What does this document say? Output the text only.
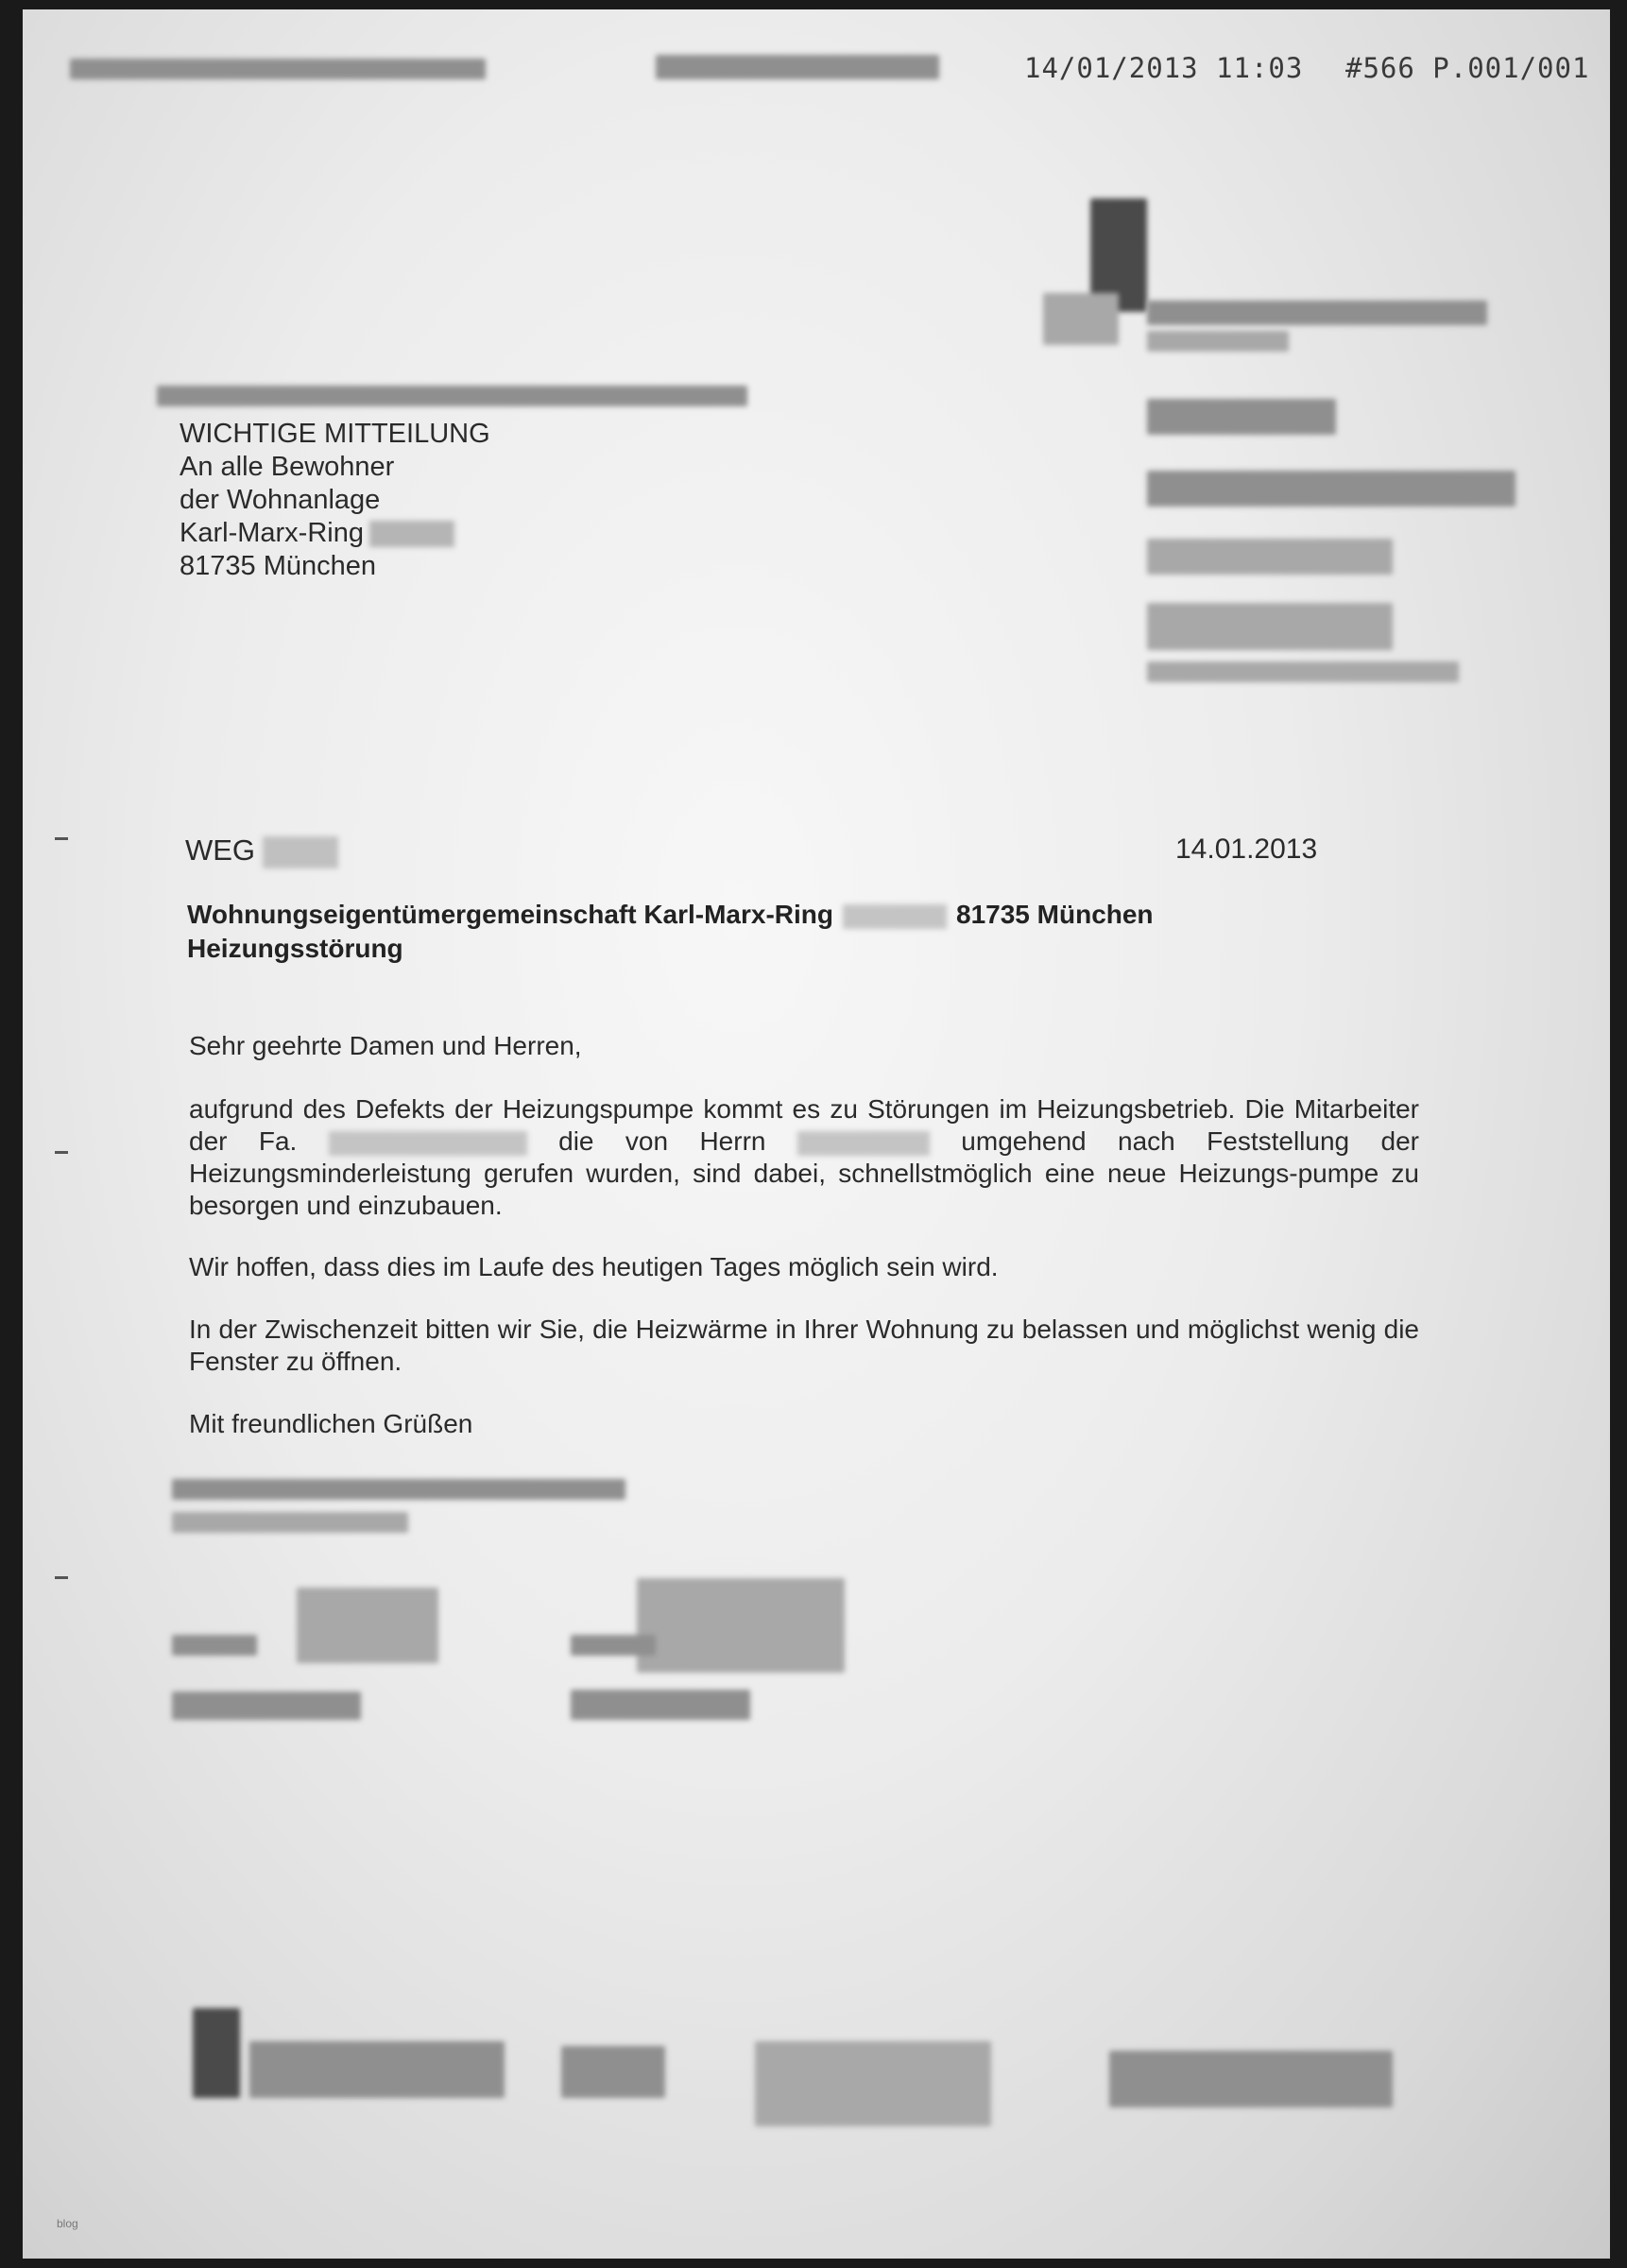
14/01/2013 11:03 #566 P.001/001
WICHTIGE MITTEILUNG
An alle Bewohner
der Wohnanlage
Karl-Marx-Ring
81735 München
WEG	14.01.2013
Wohnungseigentümergemeinschaft Karl-Marx-Ring	81735 München
Heizungsstörung
Sehr geehrte Damen und Herren,
aufgrund des Defekts der Heizungspumpe kommt es zu Störungen im Heizungsbetrieb. Die Mitarbeiter der Fa.	die von Herrn	umgehend nach Feststellung der Heizungsminderleistung gerufen wurden, sind dabei, schnellstmöglich eine neue Heizungs-pumpe zu besorgen und einzubauen.
Wir hoffen, dass dies im Laufe des heutigen Tages möglich sein wird.
In der Zwischenzeit bitten wir Sie, die Heizwärme in Ihrer Wohnung zu belassen und möglichst wenig die Fenster zu öffnen.
Mit freundlichen Grüßen
blog
